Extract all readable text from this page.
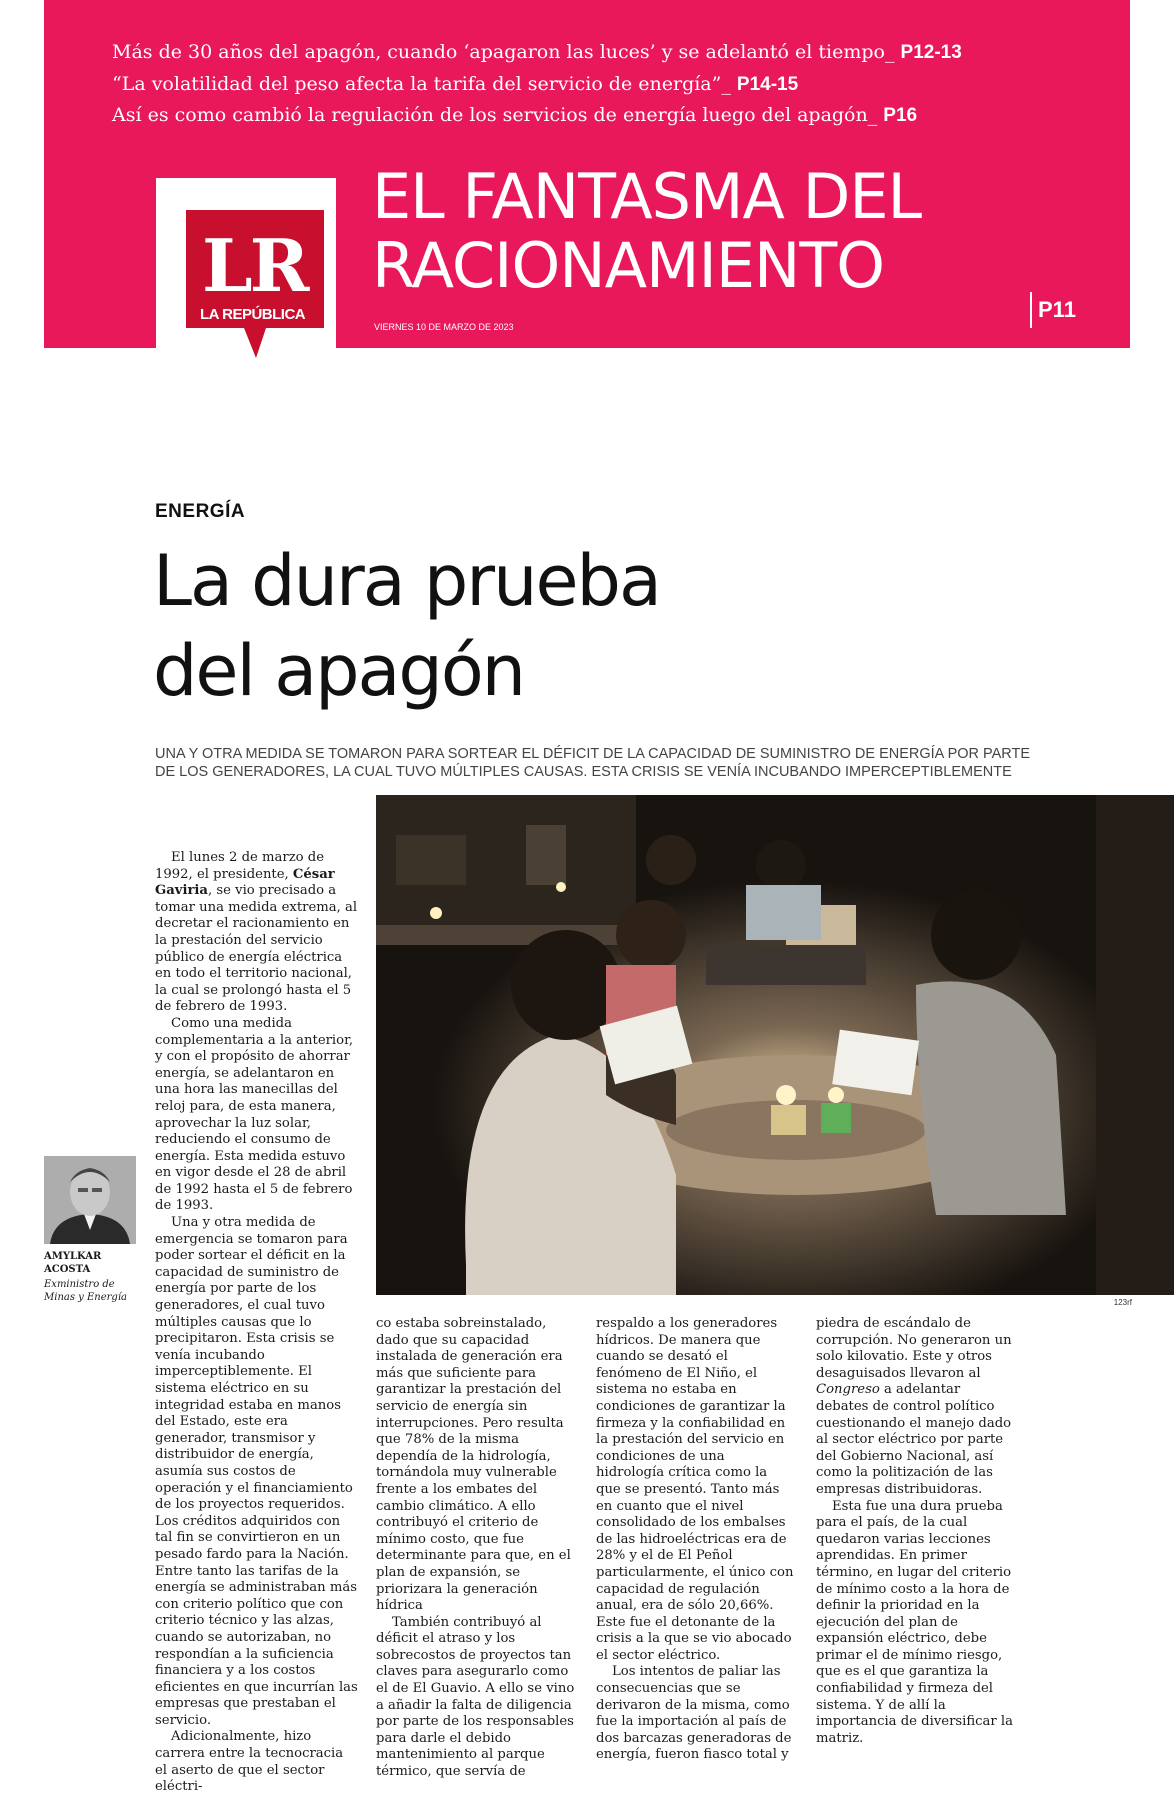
Más de 30 años del apagón, cuando ‘apagaron las luces’ y se adelantó el tiempo_ P12-13
“La volatilidad del peso afecta la tarifa del servicio de energía”_ P14-15
Así es como cambió la regulación de los servicios de energía luego del apagón_ P16
LR
LA REPÚBLICA
EL FANTASMA DEL
RACIONAMIENTO
VIERNES 10 DE MARZO DE 2023
P11
ENERGÍA
La dura prueba
del apagón
UNA Y OTRA MEDIDA SE TOMARON PARA SORTEAR EL DÉFICIT DE LA CAPACIDAD DE SUMINISTRO DE ENERGÍA POR PARTE DE LOS GENERADORES, LA CUAL TUVO MÚLTIPLES CAUSAS. ESTA CRISIS SE VENÍA INCUBANDO IMPERCEPTIBLEMENTE
123rf
AMYLKAR
ACOSTA
Exministro de
Minas y Energía

El lunes 2 de marzo de 1992, el presidente, César Gaviria, se vio precisado a tomar una medida extrema, al decretar el racionamiento en la prestación del servicio público de energía eléctrica en todo el territorio nacional, la cual se prolongó hasta el 5 de febrero de 1993.

Como una medida complementaria a la anterior, y con el propósito de ahorrar energía, se adelantaron en una hora las manecillas del reloj para, de esta manera, aprovechar la luz solar, reduciendo el consumo de energía. Esta medida estuvo en vigor desde el 28 de abril de 1992 hasta el 5 de febrero de 1993.

Una y otra medida de emergencia se tomaron para poder sortear el déficit en la capacidad de suministro de energía por parte de los generadores, el cual tuvo múltiples causas que lo precipitaron. Esta crisis se venía incubando imperceptiblemente. El sistema eléctrico en su integridad estaba en manos del Estado, este era generador, transmisor y distribuidor de energía, asumía sus costos de operación y el financiamiento de los proyectos requeridos. Los créditos adquiridos con tal fin se convirtieron en un pesado fardo para la Nación. Entre tanto las tarifas de la energía se administraban más con criterio político que con criterio técnico y las alzas, cuando se autorizaban, no respondían a la suficiencia financiera y a los costos eficientes en que incurrían las empresas que prestaban el servicio.

Adicionalmente, hizo carrera entre la tecnocracia el aserto de que el sector eléctri-

co estaba sobreinstalado, dado que su capacidad instalada de generación era más que suficiente para garantizar la prestación del servicio de energía sin interrupciones. Pero resulta que 78% de la misma dependía de la hidrología, tornándola muy vulnerable frente a los embates del cambio climático. A ello contribuyó el criterio de mínimo costo, que fue determinante para que, en el plan de expansión, se priorizara la generación hídrica

También contribuyó al déficit el atraso y los sobrecostos de proyectos tan claves para asegurarlo como el de El Guavio. A ello se vino a añadir la falta de diligencia por parte de los responsables para darle el debido mantenimiento al parque térmico, que servía de

respaldo a los generadores hídricos. De manera que cuando se desató el fenómeno de El Niño, el sistema no estaba en condiciones de garantizar la firmeza y la confiabilidad en la prestación del servicio en condiciones de una hidrología crítica como la que se presentó. Tanto más en cuanto que el nivel consolidado de los embalses de las hidroeléctricas era de 28% y el de El Peñol particularmente, el único con capacidad de regulación anual, era de sólo 20,66%. Este fue el detonante de la crisis a la que se vio abocado el sector eléctrico.

Los intentos de paliar las consecuencias que se derivaron de la misma, como fue la importación al país de dos barcazas generadoras de energía, fueron fiasco total y

piedra de escándalo de corrupción. No generaron un solo kilovatio. Este y otros desaguisados llevaron al Congreso a adelantar debates de control político cuestionando el manejo dado al sector eléctrico por parte del Gobierno Nacional, así como la politización de las empresas distribuidoras.

Esta fue una dura prueba para el país, de la cual quedaron varias lecciones aprendidas. En primer término, en lugar del criterio de mínimo costo a la hora de definir la prioridad en la ejecución del plan de expansión eléctrico, debe primar el de mínimo riesgo, que es el que garantiza la confiabilidad y firmeza del sistema. Y de allí la importancia de diversificar la matriz.
